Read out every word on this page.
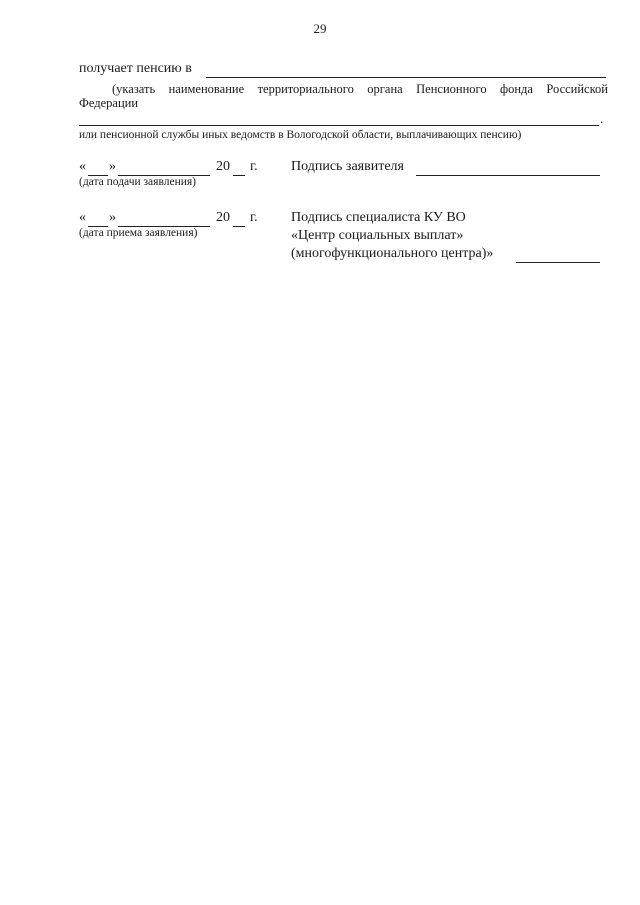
29
получает пенсию в
(указать наименование территориального органа Пенсионного фонда Российской
Федерации
.
или пенсионной службы иных ведомств в Вологодской области, выплачивающих пенсию)
« »	20 г.
(дата подачи заявления)
Подпись заявителя
« »	20 г.
(дата приема заявления)
Подпись специалиста КУ ВО
«Центр социальных выплат»
(многофункционального центра)»
